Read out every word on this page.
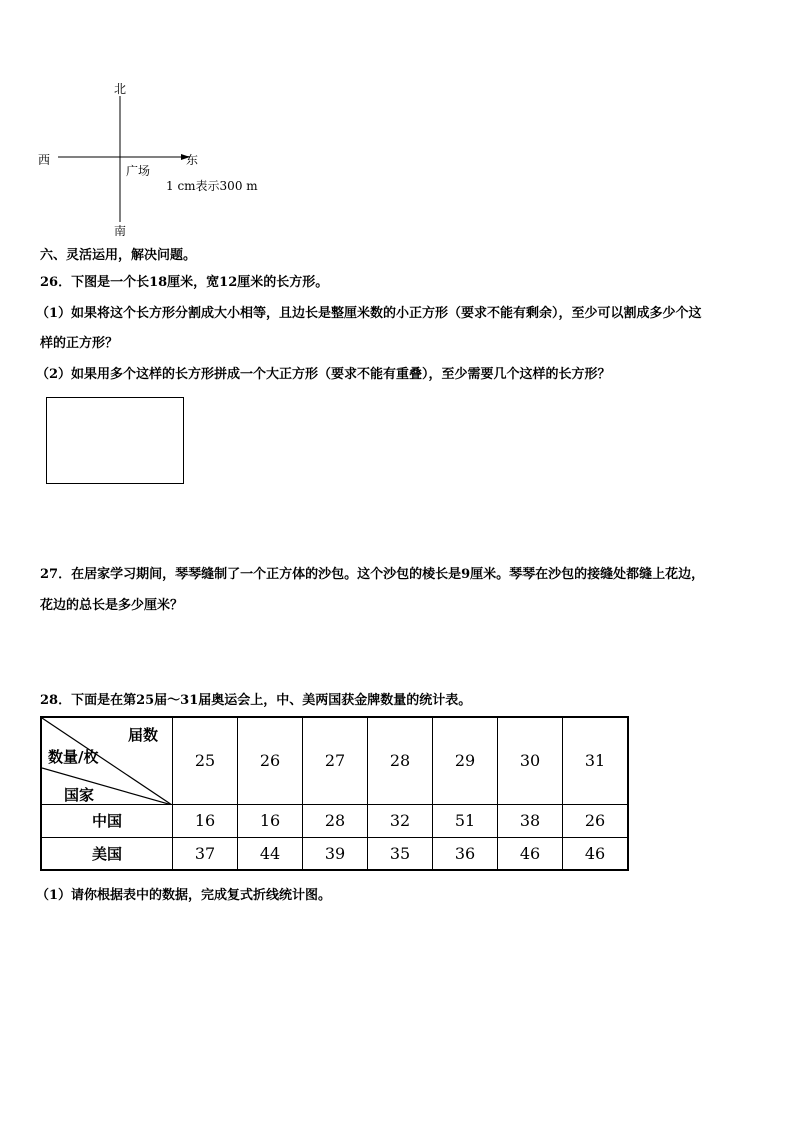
北
南
西	东
广场
1 cm表示300 m
六、灵活运用，解决问题。
26．下图是一个长18厘米，宽12厘米的长方形。
（1）如果将这个长方形分割成大小相等，且边长是整厘米数的小正方形（要求不能有剩余），至少可以割成多少个这
样的正方形？
（2）如果用多个这样的长方形拼成一个大正方形（要求不能有重叠），至少需要几个这样的长方形？
27．在居家学习期间，琴琴缝制了一个正方体的沙包。这个沙包的棱长是9厘米。琴琴在沙包的接缝处都缝上花边，
花边的总长是多少厘米？
28．下面是在第25届～31届奥运会上，中、美两国获金牌数量的统计表。
届数
数量/枚
国家	25	26	27	28	29	30	31
中国	16	16	28	32	51	38	26
美国	37	44	39	35	36	46	46
（1）请你根据表中的数据，完成复式折线统计图。
